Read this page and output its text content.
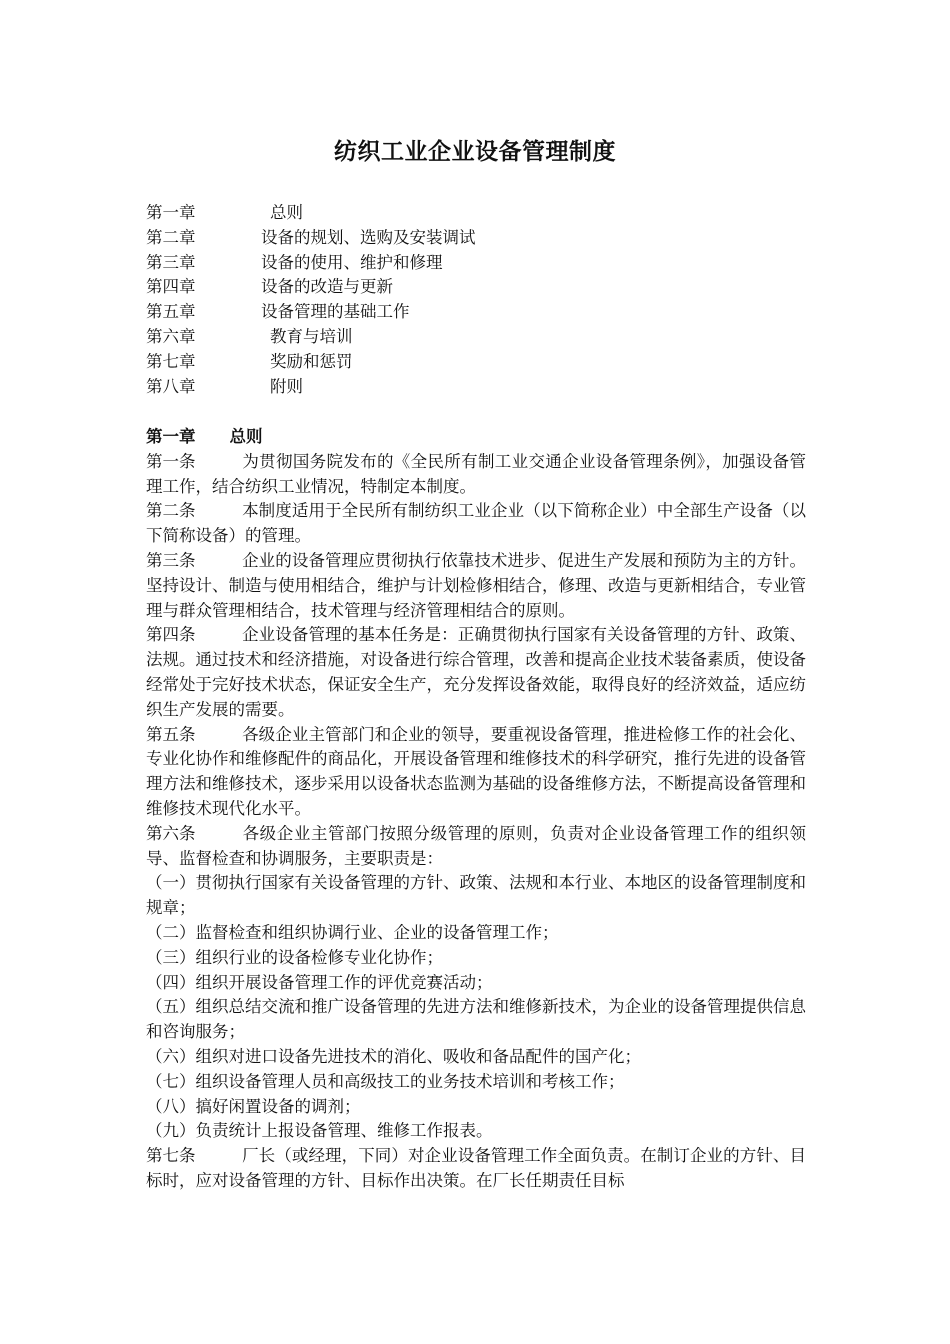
纺织工业企业设备管理制度
第一章	总则
第二章	设备的规划、选购及安装调试
第三章	设备的使用、维护和修理
第四章	设备的改造与更新
第五章	设备管理的基础工作
第六章	教育与培训
第七章	奖励和惩罚
第八章	附则
第一章 总则

第一条	为贯彻国务院发布的《全民所有制工业交通企业设备管理条例》，加强设备管理工作，结合纺织工业情况，特制定本制度。

第二条	本制度适用于全民所有制纺织工业企业（以下简称企业）中全部生产设备（以下简称设备）的管理。

第三条	企业的设备管理应贯彻执行依靠技术进步、促进生产发展和预防为主的方针。坚持设计、制造与使用相结合，维护与计划检修相结合，修理、改造与更新相结合，专业管理与群众管理相结合，技术管理与经济管理相结合的原则。

第四条	企业设备管理的基本任务是：正确贯彻执行国家有关设备管理的方针、政策、法规。通过技术和经济措施，对设备进行综合管理，改善和提高企业技术装备素质，使设备经常处于完好技术状态，保证安全生产，充分发挥设备效能，取得良好的经济效益，适应纺织生产发展的需要。

第五条	各级企业主管部门和企业的领导，要重视设备管理，推进检修工作的社会化、专业化协作和维修配件的商品化，开展设备管理和维修技术的科学研究，推行先进的设备管理方法和维修技术，逐步采用以设备状态监测为基础的设备维修方法，不断提高设备管理和维修技术现代化水平。

第六条	各级企业主管部门按照分级管理的原则，负责对企业设备管理工作的组织领导、监督检查和协调服务，主要职责是：

（一）贯彻执行国家有关设备管理的方针、政策、法规和本行业、本地区的设备管理制度和规章；

（二）监督检查和组织协调行业、企业的设备管理工作；

（三）组织行业的设备检修专业化协作；

（四）组织开展设备管理工作的评优竞赛活动；

（五）组织总结交流和推广设备管理的先进方法和维修新技术，为企业的设备管理提供信息和咨询服务；

（六）组织对进口设备先进技术的消化、吸收和备品配件的国产化；

（七）组织设备管理人员和高级技工的业务技术培训和考核工作；

（八）搞好闲置设备的调剂；

（九）负责统计上报设备管理、维修工作报表。

第七条	厂长（或经理，下同）对企业设备管理工作全面负责。在制订企业的方针、目标时，应对设备管理的方针、目标作出决策。在厂长任期责任目标
